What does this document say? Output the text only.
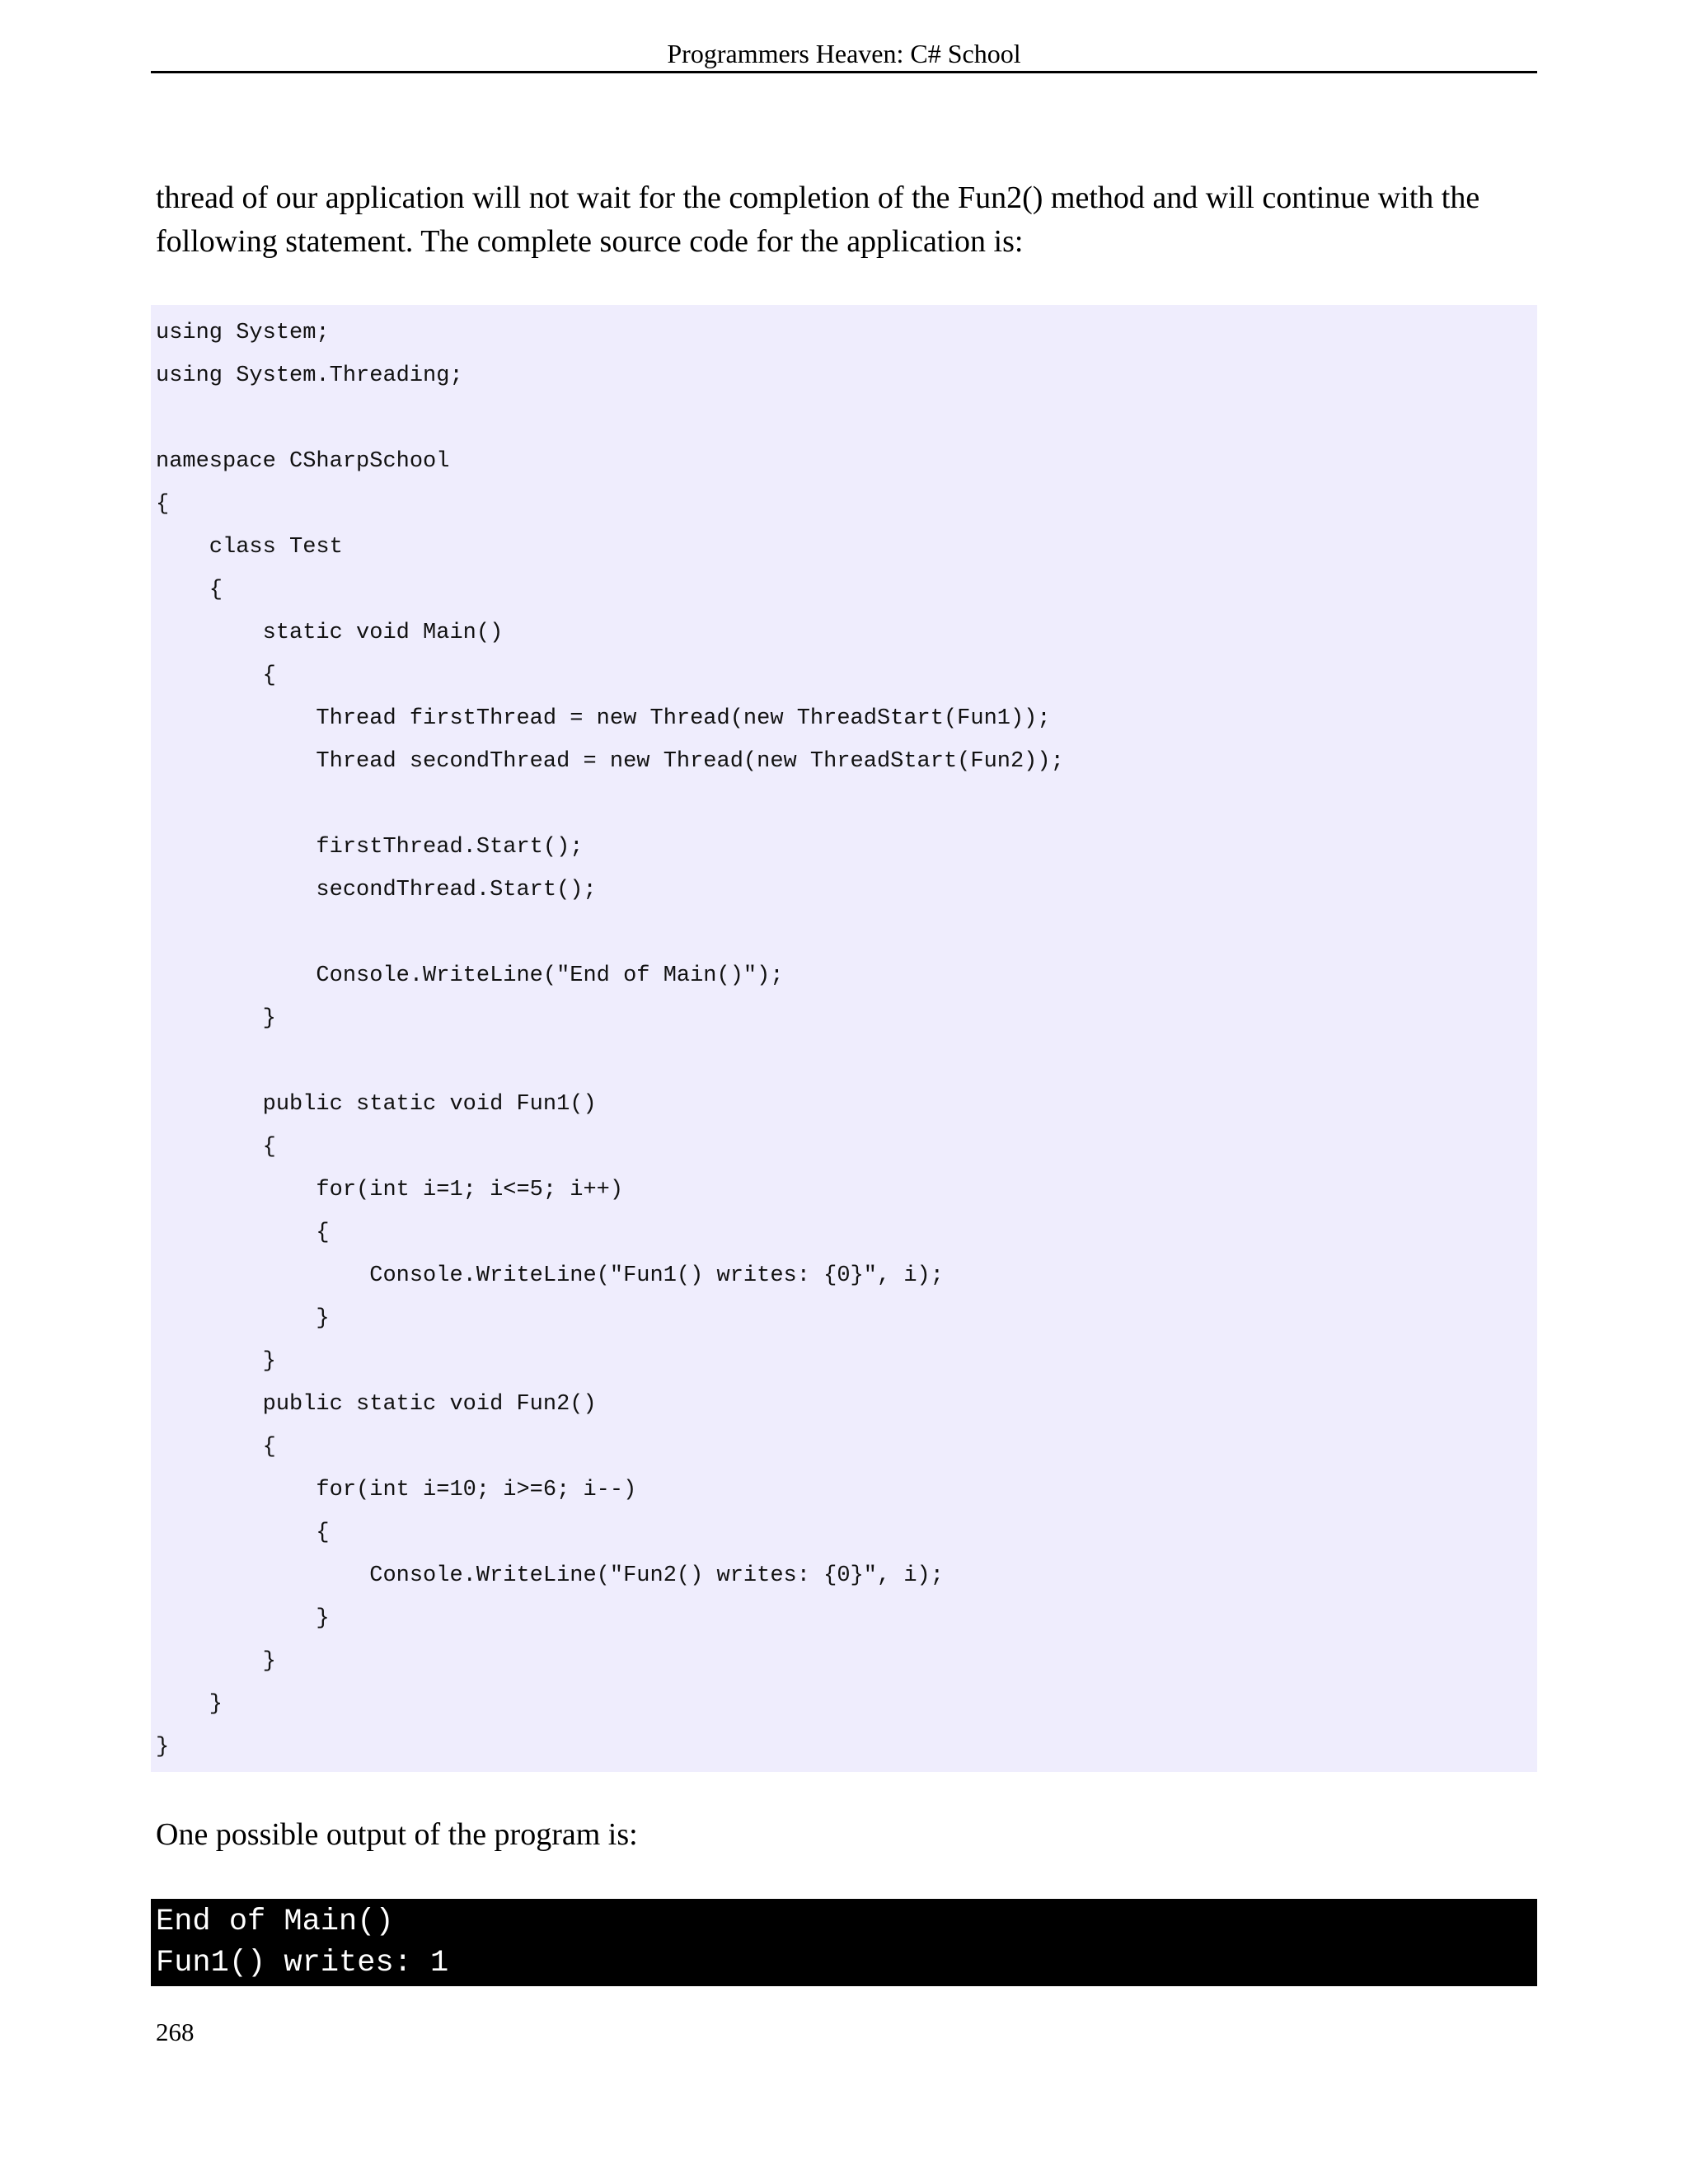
Programmers Heaven: C# School

thread of our application will not wait for the completion of the Fun2() method and will continue with the

following statement. The complete source code for the application is:

using System;
using System.Threading;
namespace CSharpSchool
{
class Test
{
static void Main()
{
Thread firstThread = new Thread(new ThreadStart(Fun1));
Thread secondThread = new Thread(new ThreadStart(Fun2));
firstThread.Start();
secondThread.Start();
Console.WriteLine("End of Main()");
}
public static void Fun1()
{
for(int i=1; i<=5; i++)
{
Console.WriteLine("Fun1() writes: {0}", i);
}
}
public static void Fun2()
{
for(int i=10; i>=6; i--)
{
Console.WriteLine("Fun2() writes: {0}", i);
}
}
}
}
One possible output of the program is:
End of Main()
Fun1() writes: 1
268
